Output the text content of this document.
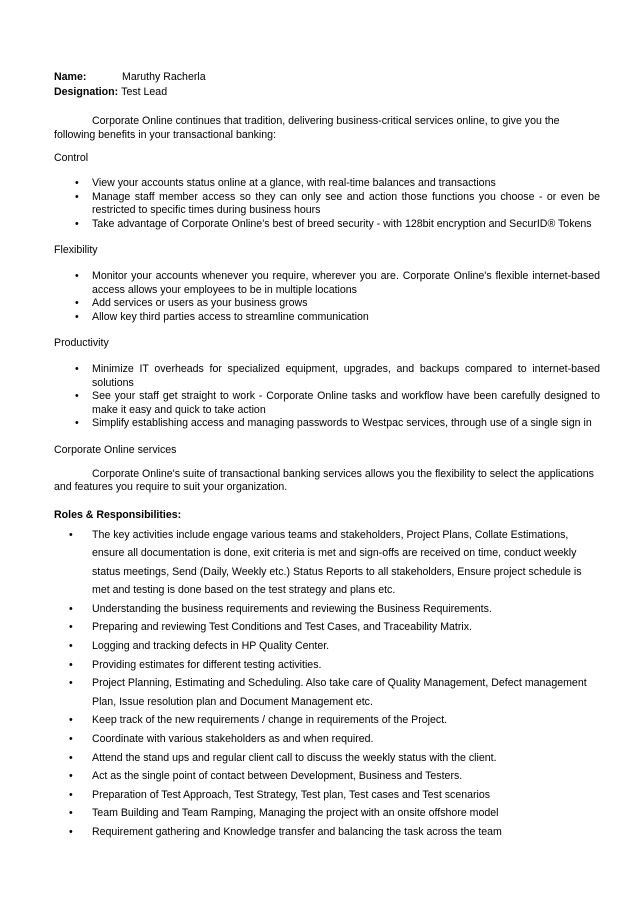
Name:	Maruthy Racherla
Designation: Test Lead

Corporate Online continues that tradition, delivering business-critical services online, to give you the following benefits in your transactional banking:

Control

• View your accounts status online at a glance, with real-time balances and transactions
• Manage staff member access so they can only see and action those functions you choose - or even be restricted to specific times during business hours
• Take advantage of Corporate Online's best of breed security - with 128bit encryption and SecurID® Tokens

Flexibility

• Monitor your accounts whenever you require, wherever you are. Corporate Online's flexible internet-based access allows your employees to be in multiple locations
• Add services or users as your business grows
• Allow key third parties access to streamline communication

Productivity

• Minimize IT overheads for specialized equipment, upgrades, and backups compared to internet-based solutions
• See your staff get straight to work - Corporate Online tasks and workflow have been carefully designed to make it easy and quick to take action
• Simplify establishing access and managing passwords to Westpac services, through use of a single sign in

Corporate Online services

Corporate Online's suite of transactional banking services allows you the flexibility to select the applications and features you require to suit your organization.

Roles & Responsibilities:

• The key activities include engage various teams and stakeholders, Project Plans, Collate Estimations, ensure all documentation is done, exit criteria is met and sign-offs are received on time, conduct weekly status meetings, Send (Daily, Weekly etc.) Status Reports to all stakeholders, Ensure project schedule is met and testing is done based on the test strategy and plans etc.
• Understanding the business requirements and reviewing the Business Requirements.
• Preparing and reviewing Test Conditions and Test Cases, and Traceability Matrix.
• Logging and tracking defects in HP Quality Center.
• Providing estimates for different testing activities.
• Project Planning, Estimating and Scheduling. Also take care of Quality Management, Defect management Plan, Issue resolution plan and Document Management etc.
• Keep track of the new requirements / change in requirements of the Project.
• Coordinate with various stakeholders as and when required.
• Attend the stand ups and regular client call to discuss the weekly status with the client.
• Act as the single point of contact between Development, Business and Testers.
• Preparation of Test Approach, Test Strategy, Test plan, Test cases and Test scenarios
• Team Building and Team Ramping, Managing the project with an onsite offshore model
• Requirement gathering and Knowledge transfer and balancing the task across the team
